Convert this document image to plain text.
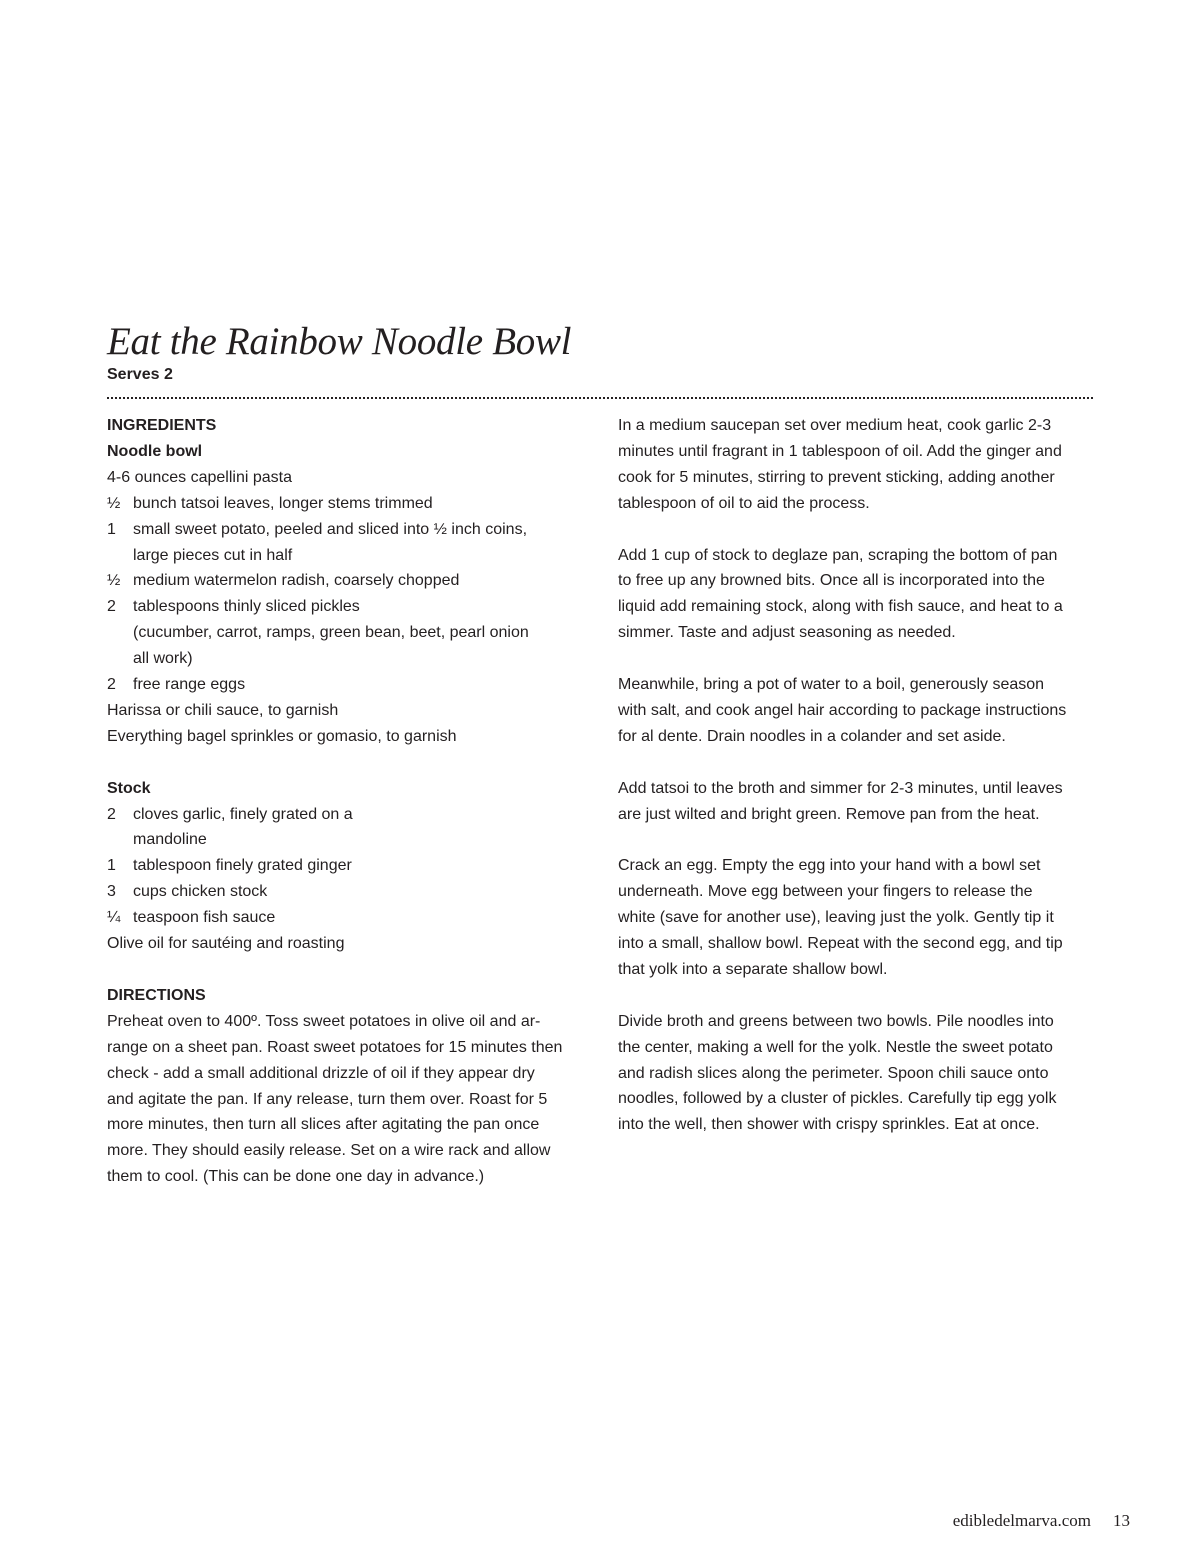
Eat the Rainbow Noodle Bowl
Serves 2
INGREDIENTS
Noodle bowl
4-6 ounces capellini pasta
½ bunch tatsoi leaves, longer stems trimmed
1	small sweet potato, peeled and sliced into ½ inch coins,
large pieces cut in half
½ medium watermelon radish, coarsely chopped
2	tablespoons thinly sliced pickles
(cucumber, carrot, ramps, green bean, beet, pearl onion
all work)
2	free range eggs
Harissa or chili sauce, to garnish
Everything bagel sprinkles or gomasio, to garnish
Stock
2	cloves garlic, finely grated on a
mandoline
1	tablespoon finely grated ginger
3	cups chicken stock
¼ teaspoon fish sauce
Olive oil for sautéing and roasting
DIRECTIONS
Preheat oven to 400º. Toss sweet potatoes in olive oil and ar-
range on a sheet pan. Roast sweet potatoes for 15 minutes then
check - add a small additional drizzle of oil if they appear dry
and agitate the pan. If any release, turn them over. Roast for 5
more minutes, then turn all slices after agitating the pan once
more. They should easily release. Set on a wire rack and allow
them to cool. (This can be done one day in advance.)

In a medium saucepan set over medium heat, cook garlic 2-3
minutes until fragrant in 1 tablespoon of oil. Add the ginger and
cook for 5 minutes, stirring to prevent sticking, adding another
tablespoon of oil to aid the process.

Add 1 cup of stock to deglaze pan, scraping the bottom of pan
to free up any browned bits. Once all is incorporated into the
liquid add remaining stock, along with fish sauce, and heat to a
simmer. Taste and adjust seasoning as needed.

Meanwhile, bring a pot of water to a boil, generously season
with salt, and cook angel hair according to package instructions
for al dente. Drain noodles in a colander and set aside.

Add tatsoi to the broth and simmer for 2-3 minutes, until leaves
are just wilted and bright green. Remove pan from the heat.

Crack an egg. Empty the egg into your hand with a bowl set
underneath. Move egg between your fingers to release the
white (save for another use), leaving just the yolk. Gently tip it
into a small, shallow bowl. Repeat with the second egg, and tip
that yolk into a separate shallow bowl.

Divide broth and greens between two bowls. Pile noodles into
the center, making a well for the yolk. Nestle the sweet potato
and radish slices along the perimeter. Spoon chili sauce onto
noodles, followed by a cluster of pickles. Carefully tip egg yolk
into the well, then shower with crispy sprinkles. Eat at once.

edibledelmarva.com 13
